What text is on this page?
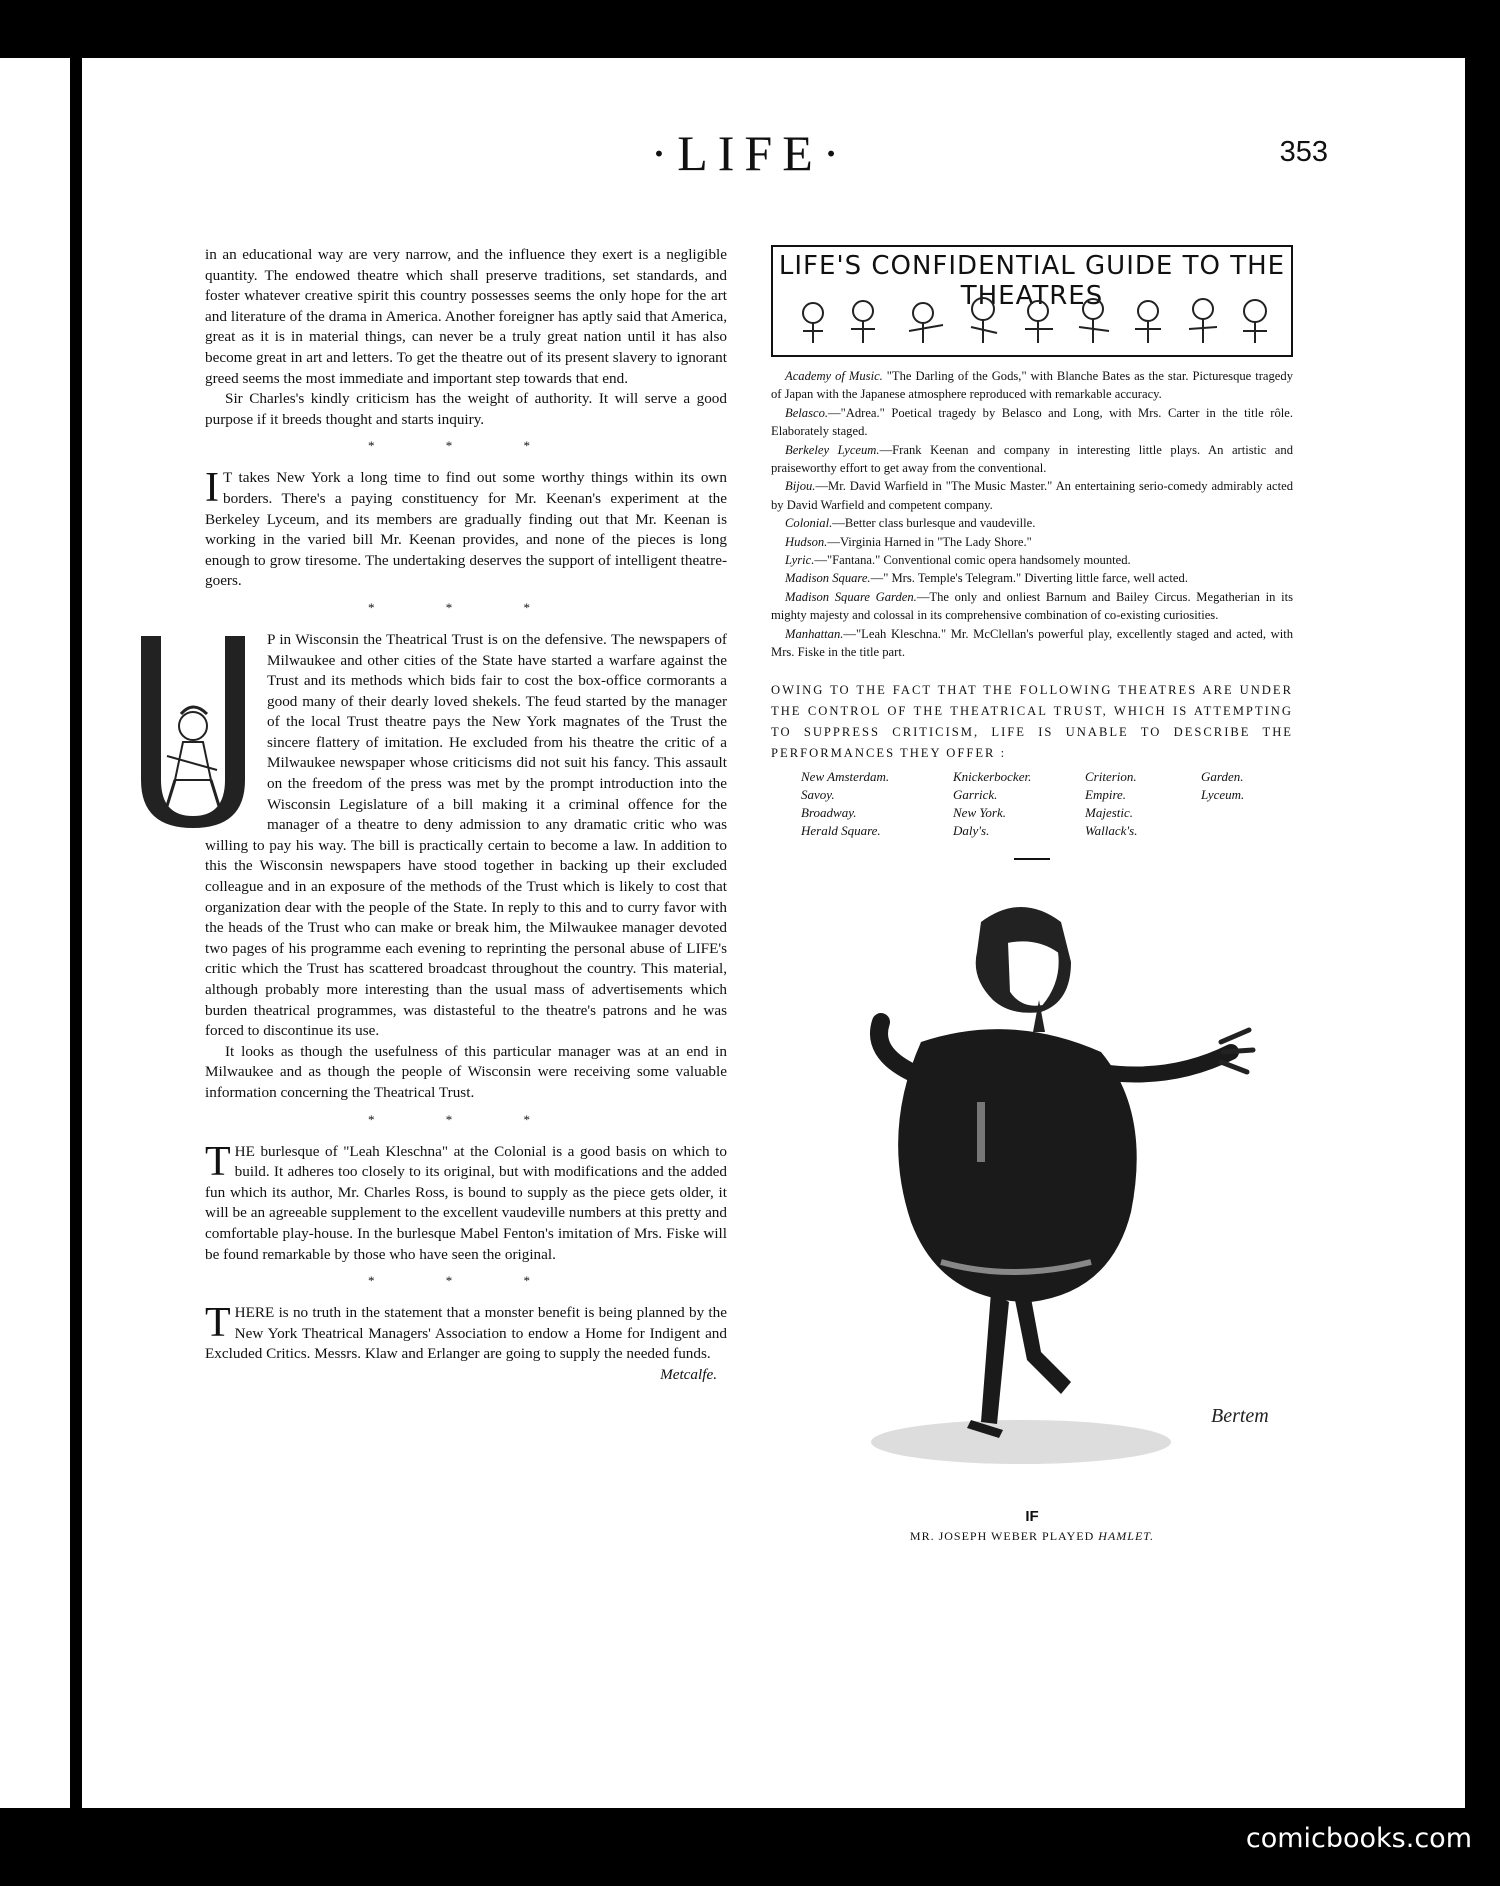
·LIFE·	353

in an educational way are very narrow, and the influence they exert is a negligible quantity. The endowed theatre which shall preserve traditions, set standards, and foster whatever creative spirit this country possesses seems the only hope for the art and literature of the drama in America. Another foreigner has aptly said that America, great as it is in material things, can never be a truly great nation until it has also become great in art and letters. To get the theatre out of its present slavery to ignorant greed seems the most immediate and important step towards that end.

Sir Charles's kindly criticism has the weight of authority. It will serve a good purpose if it breeds thought and starts inquiry.

* * *

I T takes New York a long time to find out some worthy things within its own borders. There's a paying constituency for Mr. Keenan's experiment at the Berkeley Lyceum, and its members are gradually finding out that Mr. Keenan is working in the varied bill Mr. Keenan provides, and none of the pieces is long enough to grow tiresome. The undertaking deserves the support of intelligent theatre-goers.

* * *

P in Wisconsin the Theatrical Trust is on the defensive. The newspapers of Milwaukee and other cities of the State have started a warfare against the Trust and its methods which bids fair to cost the box-office cormorants a good many of their dearly loved shekels. The feud started by the manager of the local Trust theatre pays the New York magnates of the Trust the sincere flattery of imitation. He excluded from his theatre the critic of a Milwaukee newspaper whose criticisms did not suit his fancy. This assault on the freedom of the press was met by the prompt introduction into the Wisconsin Legislature of a bill making it a criminal offence for the manager of a theatre to deny admission to any dramatic critic who was willing to pay his way. The bill is practically certain to become a law. In addition to this the Wisconsin newspapers have stood together in backing up their excluded colleague and in an exposure of the methods of the Trust which is likely to cost that organization dear with the people of the State. In reply to this and to curry favor with the heads of the Trust who can make or break him, the Milwaukee manager devoted two pages of his programme each evening to reprinting the personal abuse of LIFE's critic which the Trust has scattered broadcast throughout the country. This material, although probably more interesting than the usual mass of advertisements which burden theatrical programmes, was distasteful to the theatre's patrons and he was forced to discontinue its use.

It looks as though the usefulness of this particular manager was at an end in Milwaukee and as though the people of Wisconsin were receiving some valuable information concerning the Theatrical Trust.

* * *

THE burlesque of "Leah Kleschna" at the Colonial is a good basis on which to build. It adheres too closely to its original, but with modifications and the added fun which its author, Mr. Charles Ross, is bound to supply as the piece gets older, it will be an agreeable supplement to the excellent vaudeville numbers at this pretty and comfortable play-house. In the burlesque Mabel Fenton's imitation of Mrs. Fiske will be found remarkable by those who have seen the original.

* * *

THERE is no truth in the statement that a monster benefit is being planned by the New York Theatrical Managers' Association to endow a Home for Indigent and Excluded Critics. Messrs. Klaw and Erlanger are going to supply the needed funds.

Metcalfe.
LIFE'S CONFIDENTIAL GUIDE TO THE THEATRES

Academy of Music. "The Darling of the Gods," with Blanche Bates as the star. Picturesque tragedy of Japan with the Japanese atmosphere reproduced with remarkable accuracy.

Belasco.—"Adrea." Poetical tragedy by Belasco and Long, with Mrs. Carter in the title rôle. Elaborately staged.

Berkeley Lyceum.—Frank Keenan and company in interesting little plays. An artistic and praiseworthy effort to get away from the conventional.

Bijou.—Mr. David Warfield in "The Music Master." An entertaining serio-comedy admirably acted by David Warfield and competent company.

Colonial.—Better class burlesque and vaudeville.

Hudson.—Virginia Harned in "The Lady Shore."

Lyric.—"Fantana." Conventional comic opera handsomely mounted.

Madison Square.—" Mrs. Temple's Telegram." Diverting little farce, well acted.

Madison Square Garden.—The only and onliest Barnum and Bailey Circus. Megatherian in its mighty majesty and colossal in its comprehensive combination of co-existing curiosities.

Manhattan.—"Leah Kleschna." Mr. McClellan's powerful play, excellently staged and acted, with Mrs. Fiske in the title part.

OWING TO THE FACT THAT THE FOLLOWING THEATRES ARE UNDER THE CONTROL OF THE THEATRICAL TRUST, WHICH IS ATTEMPTING TO SUPPRESS CRITICISM, LIFE IS UNABLE TO DESCRIBE THE PERFORMANCES THEY OFFER :
New Amsterdam.	Knickerbocker.	Criterion.	Garden.
Savoy.	Garrick.	Empire.	Lyceum.
Broadway.	New York.	Majestic.
Herald Square.	Daly's.	Wallack's.
Bertem
IF
MR. JOSEPH WEBER PLAYED HAMLET.
comicbooks.com
